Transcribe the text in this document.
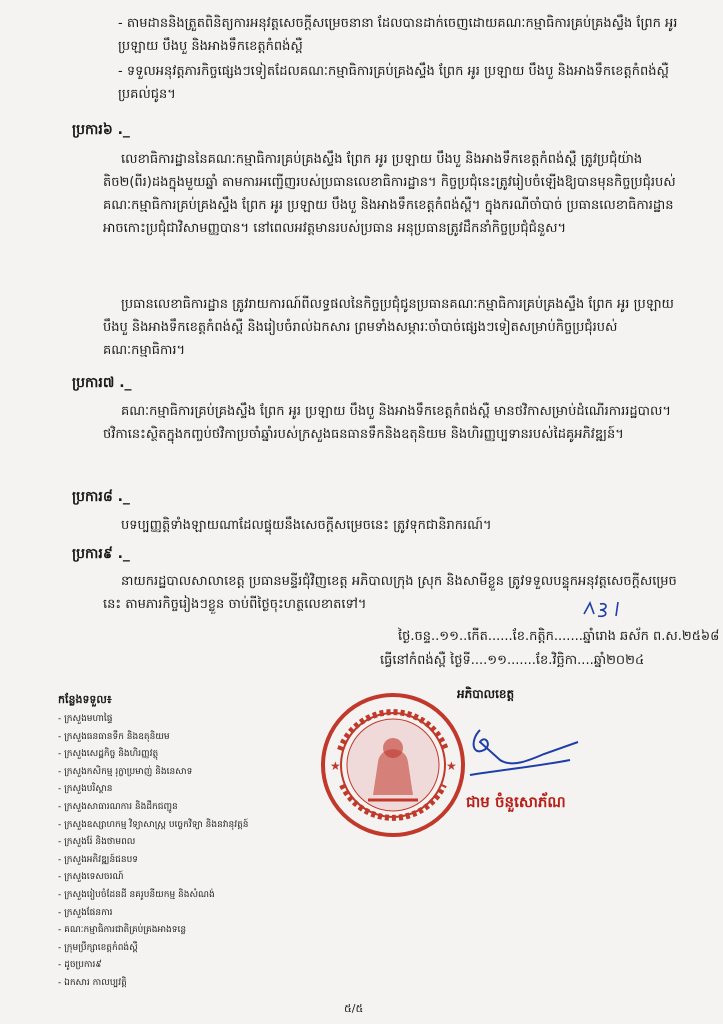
- តាមដាននិងត្រួតពិនិត្យការអនុវត្តសេចក្ដីសម្រេចនានា ដែលបានដាក់ចេញដោយគណៈកម្មាធិការគ្រប់គ្រងស្ទឹង ព្រែក អូរ ប្រឡាយ បឹងបួ និងអាងទឹកខេត្តកំពង់ស្ពឺ

- ទទួលអនុវត្តភារកិច្ចផ្សេងៗទៀតដែលគណៈកម្មាធិការគ្រប់គ្រងស្ទឹង ព្រែក អូរ ប្រឡាយ បឹងបួ និងអាងទឹកខេត្តកំពង់ស្ពឺប្រគល់ជូន។

ប្រការ៦ ._
លេខាធិការដ្ឋាននៃគណៈកម្មាធិការគ្រប់គ្រងស្ទឹង ព្រែក អូរ ប្រឡាយ បឹងបួ និងអាងទឹកខេត្តកំពង់ស្ពឺ ត្រូវប្រជុំយ៉ាងតិច២(ពីរ)ដងក្នុងមួយឆ្នាំ តាមការអញ្ជើញរបស់ប្រធានលេខាធិការដ្ឋាន។ កិច្ចប្រជុំនេះត្រូវរៀបចំឡើងឱ្យបានមុនកិច្ចប្រជុំរបស់គណៈកម្មាធិការគ្រប់គ្រងស្ទឹង ព្រែក អូរ ប្រឡាយ បឹងបួ និងអាងទឹកខេត្តកំពង់ស្ពឺ។ ក្នុងករណីចាំបាច់ ប្រធានលេខាធិការដ្ឋានអាចកោះប្រជុំជាវិសាមញ្ញបាន។ នៅពេលអវត្តមានរបស់ប្រធាន អនុប្រធានត្រូវដឹកនាំកិច្ចប្រជុំជំនួស។
ប្រធានលេខាធិការដ្ឋាន ត្រូវរាយការណ៍ពីលទ្ធផលនៃកិច្ចប្រជុំជូនប្រធានគណៈកម្មាធិការគ្រប់គ្រងស្ទឹង ព្រែក អូរ ប្រឡាយ បឹងបួ និងអាងទឹកខេត្តកំពង់ស្ពឺ និងរៀបចំរាល់ឯកសារ ព្រមទាំងសម្ភារៈចាំបាច់ផ្សេងៗទៀតសម្រាប់កិច្ចប្រជុំរបស់គណៈកម្មាធិការ។
ប្រការ៧ ._
គណៈកម្មាធិការគ្រប់គ្រងស្ទឹង ព្រែក អូរ ប្រឡាយ បឹងបួ និងអាងទឹកខេត្តកំពង់ស្ពឺ មានថវិកាសម្រាប់ដំណើរការរដ្ឋបាល។ ថវិកានេះស្ថិតក្នុងកញ្ចប់ថវិកាប្រចាំឆ្នាំរបស់ក្រសួងធនធានទឹកនិងឧតុនិយម និងហិរញ្ញប្បទានរបស់ដៃគូអភិវឌ្ឍន៍។
ប្រការ៨ ._
បទប្បញ្ញត្តិទាំងឡាយណាដែលផ្ទុយនឹងសេចក្ដីសម្រេចនេះ ត្រូវទុកជានិរាករណ៍។
ប្រការ៩ ._
នាយករដ្ឋបាលសាលាខេត្ត ប្រធានមន្ទីរជុំវិញខេត្ត អភិបាលក្រុង ស្រុក និងសាមីខ្លួន ត្រូវទទួលបន្ទុកអនុវត្តសេចក្ដីសម្រេចនេះ តាមភារកិច្ចរៀងៗខ្លួន ចាប់ពីថ្ងៃចុះហត្ថលេខាតទៅ។
ថ្ងៃ.ចន្ទ..១១..កើត......ខែ.កត្តិក.......ឆ្នាំរោង ឆស័ក ព.ស.២៥៦៨
ធ្វើនៅកំពង់ស្ពឺ ថ្ងៃទី....១១.......ខែ.វិច្ឆិកា....ឆ្នាំ២០២៤
កន្លែងទទួល៖
- ក្រសួងមហាផ្ទៃ
- ក្រសួងធនធានទឹក និងឧតុនិយម
- ក្រសួងសេដ្ឋកិច្ច និងហិរញ្ញវត្ថុ
- ក្រសួងកសិកម្ម រុក្ខាប្រមាញ់ និងនេសាទ
- ក្រសួងបរិស្ថាន
- ក្រសួងសាធារណការ និងដឹកជញ្ជូន
- ក្រសួងឧស្សាហកម្ម វិទ្យាសាស្ត្រ បច្ចេកវិទ្យា និងនវានុវត្តន៍
- ក្រសួងរ៉ែ និងថាមពល
- ក្រសួងអភិវឌ្ឍន៍ជនបទ
- ក្រសួងទេសចរណ៍
- ក្រសួងរៀបចំដែនដី នគរូបនីយកម្ម និងសំណង់
- ក្រសួងផែនការ
- គណៈកម្មាធិការជាតិគ្រប់គ្រងអាងទន្លេ
- ក្រុមប្រឹក្សាខេត្តកំពង់ស្ពឺ
- ដូចប្រការ៩
- ឯកសារ កាលប្បវត្តិ
★	★
អភិបាលខេត្ត
ជាម ចំនួសោភ័ណ
៥/៥
